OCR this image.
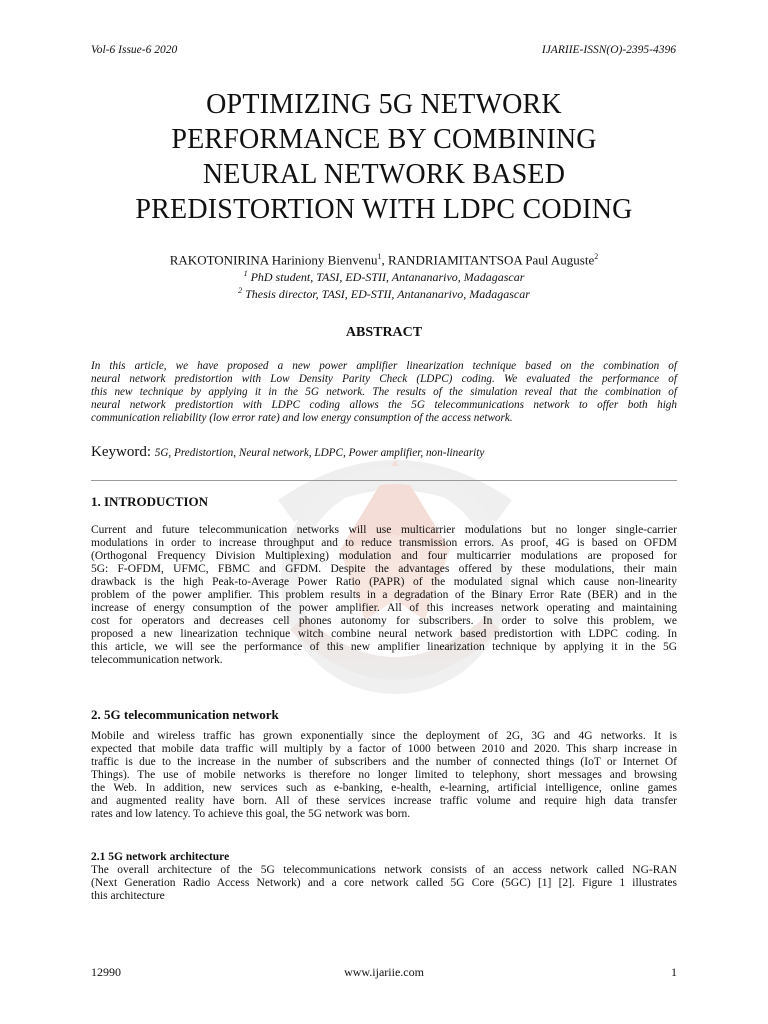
Vol-6 Issue-6 2020	IJARIIE-ISSN(O)-2395-4396
OPTIMIZING 5G NETWORK
PERFORMANCE BY COMBINING
NEURAL NETWORK BASED
PREDISTORTION WITH LDPC CODING
RAKOTONIRINA Hariniony Bienvenu$^1$, RANDRIAMITANTSOA Paul Auguste$^2$
$^1$ PhD student, TASI, ED-STII, Antananarivo, Madagascar
$^2$ Thesis director, TASI, ED-STII, Antananarivo, Madagascar
ABSTRACT
In this article, we have proposed a new power amplifier linearization technique based on the combination of
neural network predistortion with Low Density Parity Check (LDPC) coding. We evaluated the performance of
this new technique by applying it in the 5G network. The results of the simulation reveal that the combination of
neural network predistortion with LDPC coding allows the 5G telecommunications network to offer both high
communication reliability (low error rate) and low energy consumption of the access network.
Keyword: 5G, Predistortion, Neural network, LDPC, Power amplifier, non-linearity
1. INTRODUCTION
Current and future telecommunication networks will use multicarrier modulations but no longer single-carrier
modulations in order to increase throughput and to reduce transmission errors. As proof, 4G is based on OFDM
(Orthogonal Frequency Division Multiplexing) modulation and four multicarrier modulations are proposed for
5G: F-OFDM, UFMC, FBMC and GFDM. Despite the advantages offered by these modulations, their main
drawback is the high Peak-to-Average Power Ratio (PAPR) of the modulated signal which cause non-linearity
problem of the power amplifier. This problem results in a degradation of the Binary Error Rate (BER) and in the
increase of energy consumption of the power amplifier. All of this increases network operating and maintaining
cost for operators and decreases cell phones autonomy for subscribers. In order to solve this problem, we
proposed a new linearization technique witch combine neural network based predistortion with LDPC coding. In
this article, we will see the performance of this new amplifier linearization technique by applying it in the 5G
telecommunication network.
2. 5G telecommunication network
Mobile and wireless traffic has grown exponentially since the deployment of 2G, 3G and 4G networks. It is
expected that mobile data traffic will multiply by a factor of 1000 between 2010 and 2020. This sharp increase in
traffic is due to the increase in the number of subscribers and the number of connected things (IoT or Internet Of
Things). The use of mobile networks is therefore no longer limited to telephony, short messages and browsing
the Web. In addition, new services such as e-banking, e-health, e-learning, artificial intelligence, online games
and augmented reality have born. All of these services increase traffic volume and require high data transfer
rates and low latency. To achieve this goal, the 5G network was born.
2.1 5G network architecture
The overall architecture of the 5G telecommunications network consists of an access network called NG-RAN
(Next Generation Radio Access Network) and a core network called 5G Core (5GC) [1] [2]. Figure 1 illustrates
this architecture
12990	www.ijariie.com	1
